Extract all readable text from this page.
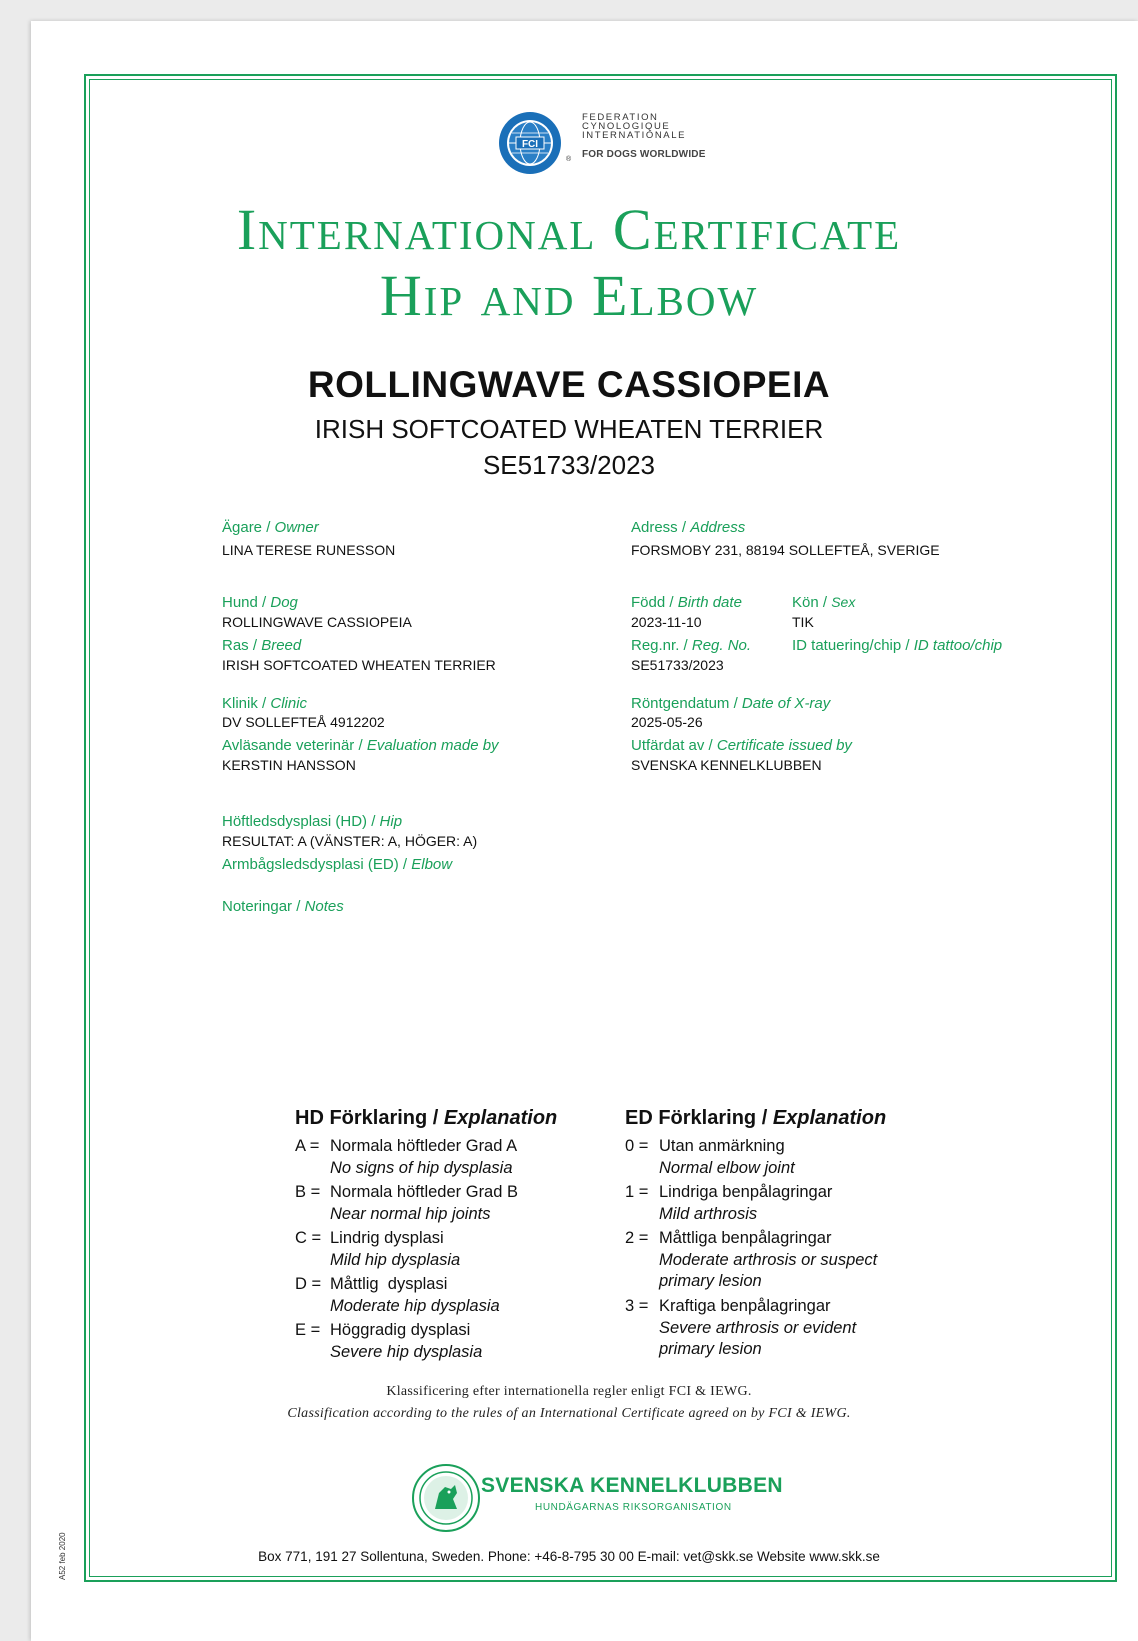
FCI
®
FEDERATION
CYNOLOGIQUE
INTERNATIONALE
FOR DOGS WORLDWIDE
International Certificate
Hip and Elbow
ROLLINGWAVE CASSIOPEIA
IRISH SOFTCOATED WHEATEN TERRIER
SE51733/2023
Ägare / Owner
LINA TERESE RUNESSON
Adress / Address
FORSMOBY 231, 88194 SOLLEFTEÅ, SVERIGE
Hund / Dog
ROLLINGWAVE CASSIOPEIA
Född / Birth date
2023-11-10
Kön / Sex
TIK
Ras / Breed
IRISH SOFTCOATED WHEATEN TERRIER
Reg.nr. / Reg. No.
SE51733/2023
ID tatuering/chip / ID tattoo/chip
Klinik / Clinic
DV SOLLEFTEÅ 4912202
Röntgendatum / Date of X-ray
2025-05-26
Avläsande veterinär / Evaluation made by
KERSTIN HANSSON
Utfärdat av / Certificate issued by
SVENSKA KENNELKLUBBEN
Höftledsdysplasi (HD) / Hip
RESULTAT: A (VÄNSTER: A, HÖGER: A)
Armbågsledsdysplasi (ED) / Elbow
Noteringar / Notes
HD Förklaring / Explanation
A = Normala höftleder Grad A
No signs of hip dysplasia
B = Normala höftleder Grad B
Near normal hip joints
C = Lindrig dysplasi
Mild hip dysplasia
D = Måttlig  dysplasi
Moderate hip dysplasia
E = Höggradig dysplasi
Severe hip dysplasia
ED Förklaring / Explanation
0 = Utan anmärkning
Normal elbow joint
1 = Lindriga benpålagringar
Mild arthrosis
2 = Måttliga benpålagringar
Moderate arthrosis or suspect
primary lesion
3 = Kraftiga benpålagringar
Severe arthrosis or evident
primary lesion
Klassificering efter internationella regler enligt FCI & IEWG.
Classification according to the rules of an International Certificate agreed on by FCI & IEWG.
SVENSKA KENNELKLUBBEN
HUNDÄGARNAS RIKSORGANISATION
Box 771, 191 27 Sollentuna, Sweden. Phone: +46-8-795 30 00 E-mail: vet@skk.se Website www.skk.se
A52 feb 2020
